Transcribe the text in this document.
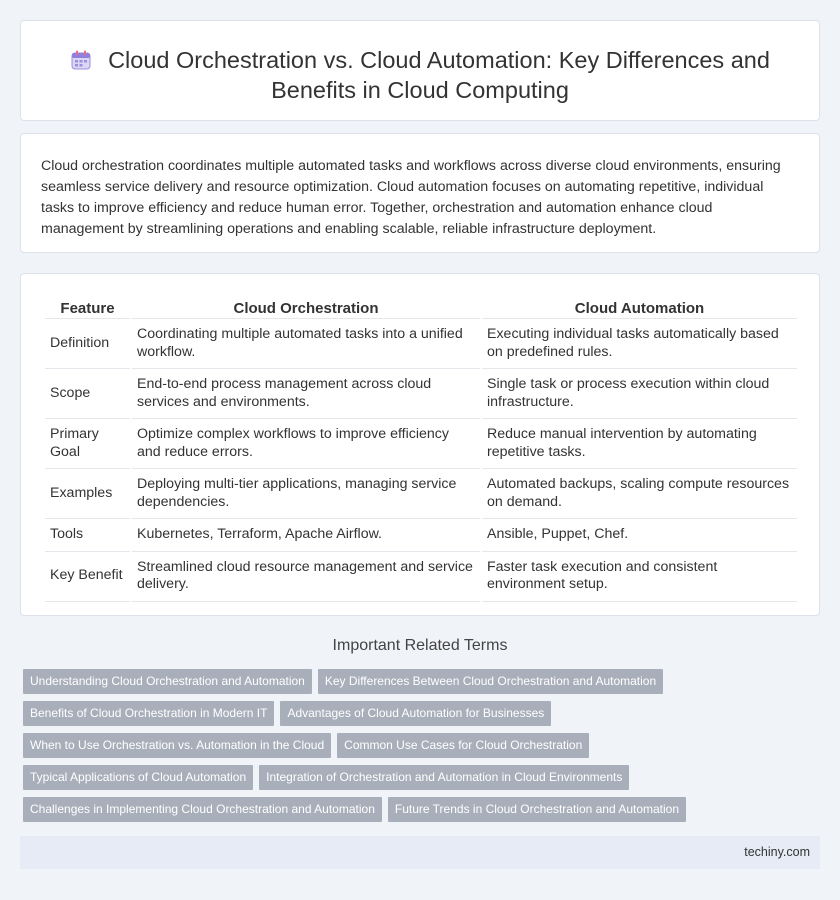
Cloud Orchestration vs. Cloud Automation: Key Differences and
Benefits in Cloud Computing

Cloud orchestration coordinates multiple automated tasks and workflows across diverse cloud environments, ensuring seamless service delivery and resource optimization. Cloud automation focuses on automating repetitive, individual tasks to improve efficiency and reduce human error. Together, orchestration and automation enhance cloud management by streamlining operations and enabling scalable, reliable infrastructure deployment.

Feature	Cloud Orchestration	Cloud Automation
Definition	Coordinating multiple automated tasks into a unified workflow.	Executing individual tasks automatically based on predefined rules.
Scope	End-to-end process management across cloud services and environments.	Single task or process execution within cloud infrastructure.
Primary Goal	Optimize complex workflows to improve efficiency and reduce errors.	Reduce manual intervention by automating repetitive tasks.
Examples	Deploying multi-tier applications, managing service dependencies.	Automated backups, scaling compute resources on demand.
Tools	Kubernetes, Terraform, Apache Airflow.	Ansible, Puppet, Chef.
Key Benefit	Streamlined cloud resource management and service delivery.	Faster task execution and consistent environment setup.
Important Related Terms
Understanding Cloud Orchestration and Automation Key Differences Between Cloud Orchestration and Automation
Benefits of Cloud Orchestration in Modern IT Advantages of Cloud Automation for Businesses
When to Use Orchestration vs. Automation in the Cloud Common Use Cases for Cloud Orchestration
Typical Applications of Cloud Automation Integration of Orchestration and Automation in Cloud Environments
Challenges in Implementing Cloud Orchestration and Automation Future Trends in Cloud Orchestration and Automation
techiny.com
